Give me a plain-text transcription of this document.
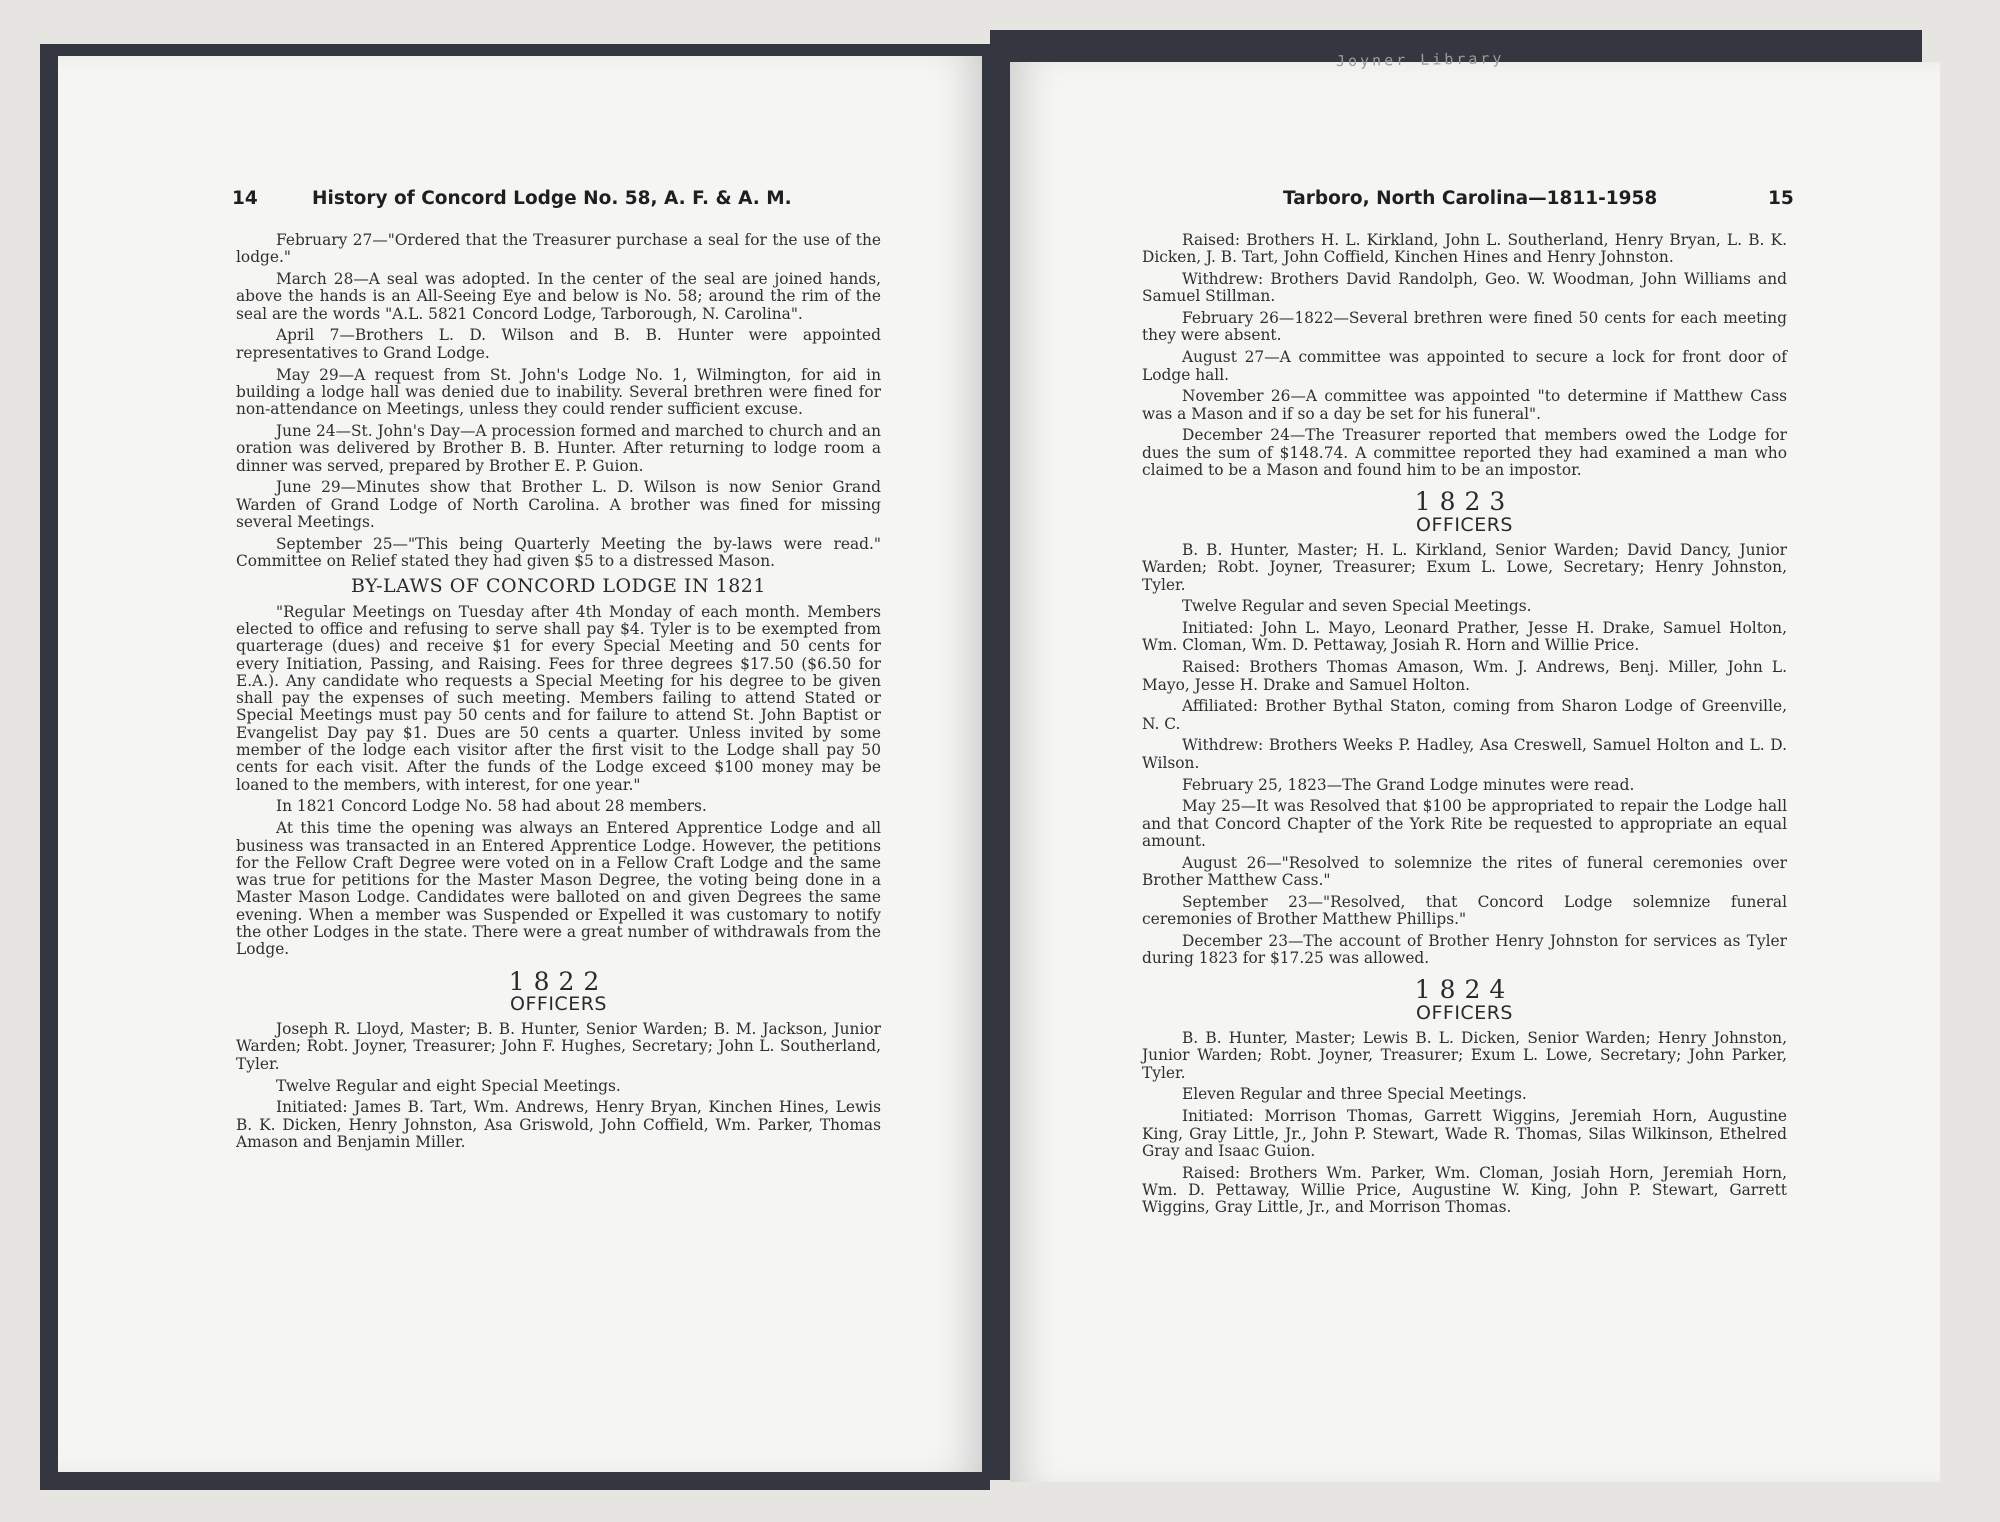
Joyner Library
14	History of Concord Lodge No. 58, A. F. & A. M.

February 27—"Ordered that the Treasurer purchase a seal for the use of the lodge."

March 28—A seal was adopted. In the center of the seal are joined hands, above the hands is an All-Seeing Eye and below is No. 58; around the rim of the seal are the words "A.L. 5821 Concord Lodge, Tarborough, N. Carolina".

April 7—Brothers L. D. Wilson and B. B. Hunter were appointed representatives to Grand Lodge.

May 29—A request from St. John's Lodge No. 1, Wilmington, for aid in building a lodge hall was denied due to inability. Several brethren were fined for non-attendance on Meetings, unless they could render sufficient excuse.

June 24—St. John's Day—A procession formed and marched to church and an oration was delivered by Brother B. B. Hunter. After returning to lodge room a dinner was served, prepared by Brother E. P. Guion.

June 29—Minutes show that Brother L. D. Wilson is now Senior Grand Warden of Grand Lodge of North Carolina. A brother was fined for missing several Meetings.

September 25—"This being Quarterly Meeting the by-laws were read." Committee on Relief stated they had given $5 to a distressed Mason.

BY-LAWS OF CONCORD LODGE IN 1821

"Regular Meetings on Tuesday after 4th Monday of each month. Members elected to office and refusing to serve shall pay $4. Tyler is to be exempted from quarterage (dues) and receive $1 for every Special Meeting and 50 cents for every Initiation, Passing, and Raising. Fees for three degrees $17.50 ($6.50 for E.A.). Any candidate who requests a Special Meeting for his degree to be given shall pay the expenses of such meeting. Members failing to attend Stated or Special Meetings must pay 50 cents and for failure to attend St. John Baptist or Evangelist Day pay $1. Dues are 50 cents a quarter. Unless invited by some member of the lodge each visitor after the first visit to the Lodge shall pay 50 cents for each visit. After the funds of the Lodge exceed $100 money may be loaned to the members, with interest, for one year."

In 1821 Concord Lodge No. 58 had about 28 members.

At this time the opening was always an Entered Apprentice Lodge and all business was transacted in an Entered Apprentice Lodge. However, the petitions for the Fellow Craft Degree were voted on in a Fellow Craft Lodge and the same was true for petitions for the Master Mason Degree, the voting being done in a Master Mason Lodge. Candidates were balloted on and given Degrees the same evening. When a member was Suspended or Expelled it was customary to notify the other Lodges in the state. There were a great number of withdrawals from the Lodge.

1822
OFFICERS

Joseph R. Lloyd, Master; B. B. Hunter, Senior Warden; B. M. Jackson, Junior Warden; Robt. Joyner, Treasurer; John F. Hughes, Secretary; John L. Southerland, Tyler.

Twelve Regular and eight Special Meetings.

Initiated: James B. Tart, Wm. Andrews, Henry Bryan, Kinchen Hines, Lewis B. K. Dicken, Henry Johnston, Asa Griswold, John Coffield, Wm. Parker, Thomas Amason and Benjamin Miller.

Tarboro, North Carolina—1811-1958	15

Raised: Brothers H. L. Kirkland, John L. Southerland, Henry Bryan, L. B. K. Dicken, J. B. Tart, John Coffield, Kinchen Hines and Henry Johnston.

Withdrew: Brothers David Randolph, Geo. W. Woodman, John Williams and Samuel Stillman.

February 26—1822—Several brethren were fined 50 cents for each meeting they were absent.

August 27—A committee was appointed to secure a lock for front door of Lodge hall.

November 26—A committee was appointed "to determine if Matthew Cass was a Mason and if so a day be set for his funeral".

December 24—The Treasurer reported that members owed the Lodge for dues the sum of $148.74. A committee reported they had examined a man who claimed to be a Mason and found him to be an impostor.

1823
OFFICERS

B. B. Hunter, Master; H. L. Kirkland, Senior Warden; David Dancy, Junior Warden; Robt. Joyner, Treasurer; Exum L. Lowe, Secretary; Henry Johnston, Tyler.

Twelve Regular and seven Special Meetings.

Initiated: John L. Mayo, Leonard Prather, Jesse H. Drake, Samuel Holton, Wm. Cloman, Wm. D. Pettaway, Josiah R. Horn and Willie Price.

Raised: Brothers Thomas Amason, Wm. J. Andrews, Benj. Miller, John L. Mayo, Jesse H. Drake and Samuel Holton.

Affiliated: Brother Bythal Staton, coming from Sharon Lodge of Greenville, N. C.

Withdrew: Brothers Weeks P. Hadley, Asa Creswell, Samuel Holton and L. D. Wilson.

February 25, 1823—The Grand Lodge minutes were read.

May 25—It was Resolved that $100 be appropriated to repair the Lodge hall and that Concord Chapter of the York Rite be requested to appropriate an equal amount.

August 26—"Resolved to solemnize the rites of funeral ceremonies over Brother Matthew Cass."

September 23—"Resolved, that Concord Lodge solemnize funeral ceremonies of Brother Matthew Phillips."

December 23—The account of Brother Henry Johnston for services as Tyler during 1823 for $17.25 was allowed.

1824
OFFICERS

B. B. Hunter, Master; Lewis B. L. Dicken, Senior Warden; Henry Johnston, Junior Warden; Robt. Joyner, Treasurer; Exum L. Lowe, Secretary; John Parker, Tyler.

Eleven Regular and three Special Meetings.

Initiated: Morrison Thomas, Garrett Wiggins, Jeremiah Horn, Augustine King, Gray Little, Jr., John P. Stewart, Wade R. Thomas, Silas Wilkinson, Ethelred Gray and Isaac Guion.

Raised: Brothers Wm. Parker, Wm. Cloman, Josiah Horn, Jeremiah Horn, Wm. D. Pettaway, Willie Price, Augustine W. King, John P. Stewart, Garrett Wiggins, Gray Little, Jr., and Morrison Thomas.
